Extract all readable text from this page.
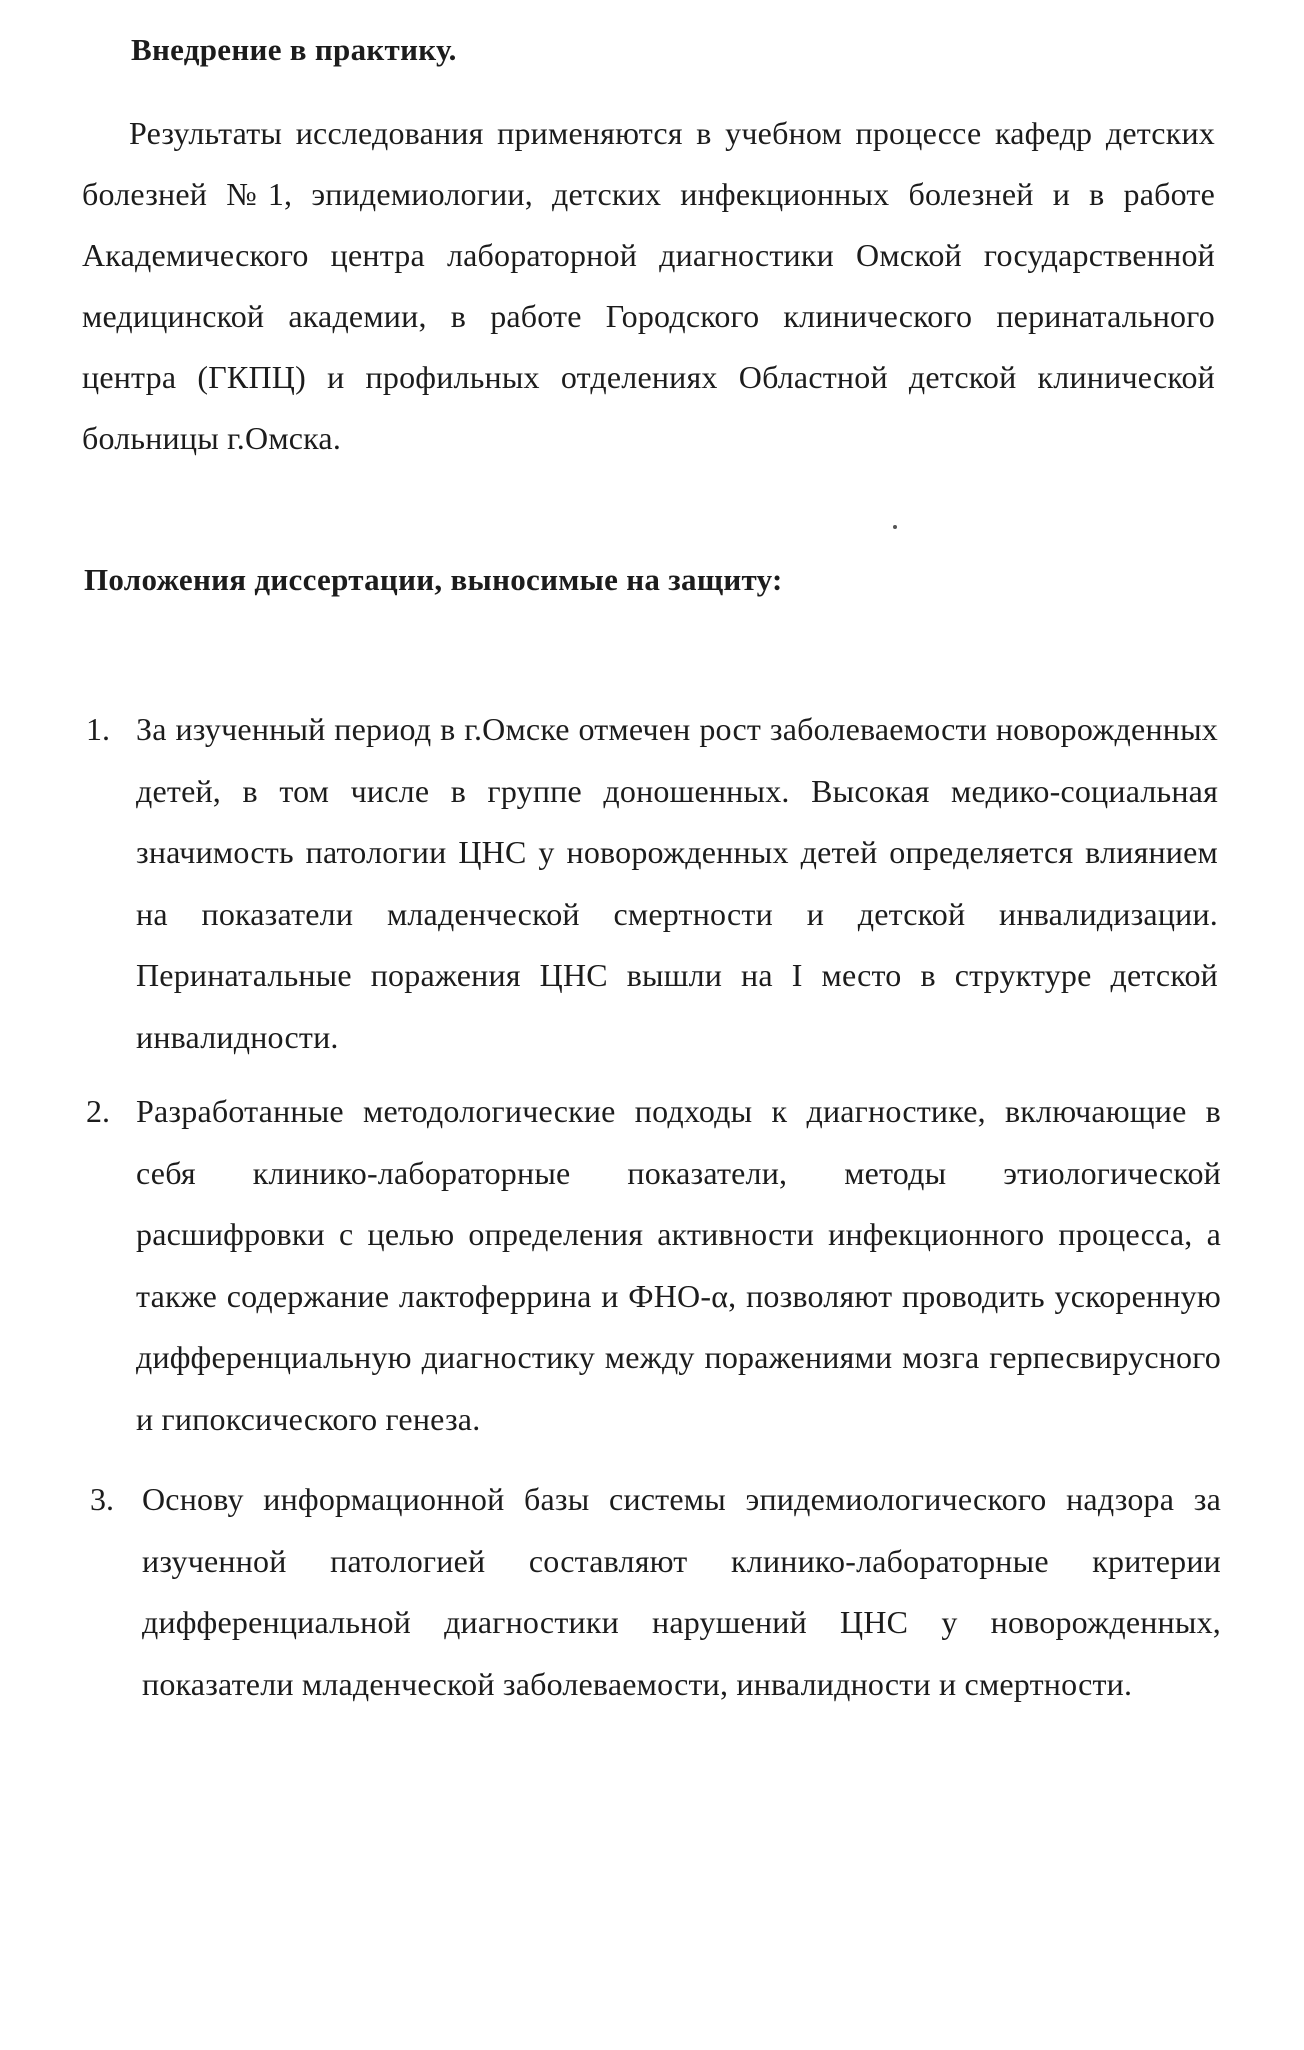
Внедрение в практику.

Результаты исследования применяются в учебном процессе кафедр детских болезней №1, эпидемиологии, детских инфекционных болезней и в работе Академического центра лабораторной диагностики Омской государственной медицинской академии, в работе Городского клинического перинатального центра (ГКПЦ) и профильных отделениях Областной детской клинической больницы г.Омска.

Положения диссертации, выносимые на защиту:
1. За изученный период в г.Омске отмечен рост заболеваемости новорожденных детей, в том числе в группе доношенных. Высокая медико-социальная значимость патологии ЦНС у новорожденных детей определяется влиянием на показатели младенческой смертности и детской инвалидизации. Перинатальные поражения ЦНС вышли на I место в структуре детской инвалидности.
2. Разработанные методологические подходы к диагностике, включающие в себя клинико-лабораторные показатели, методы этиологической расшифровки с целью определения активности инфекционного процесса, а также содержание лактоферрина и ФНО-α, позволяют проводить ускоренную дифференциальную диагностику между поражениями мозга герпесвирусного и гипоксического генеза.
3. Основу информационной базы системы эпидемиологического надзора за изученной патологией составляют клинико-лабораторные критерии дифференциальной диагностики нарушений ЦНС у новорожденных, показатели младенческой заболеваемости, инвалидности и смертности.
